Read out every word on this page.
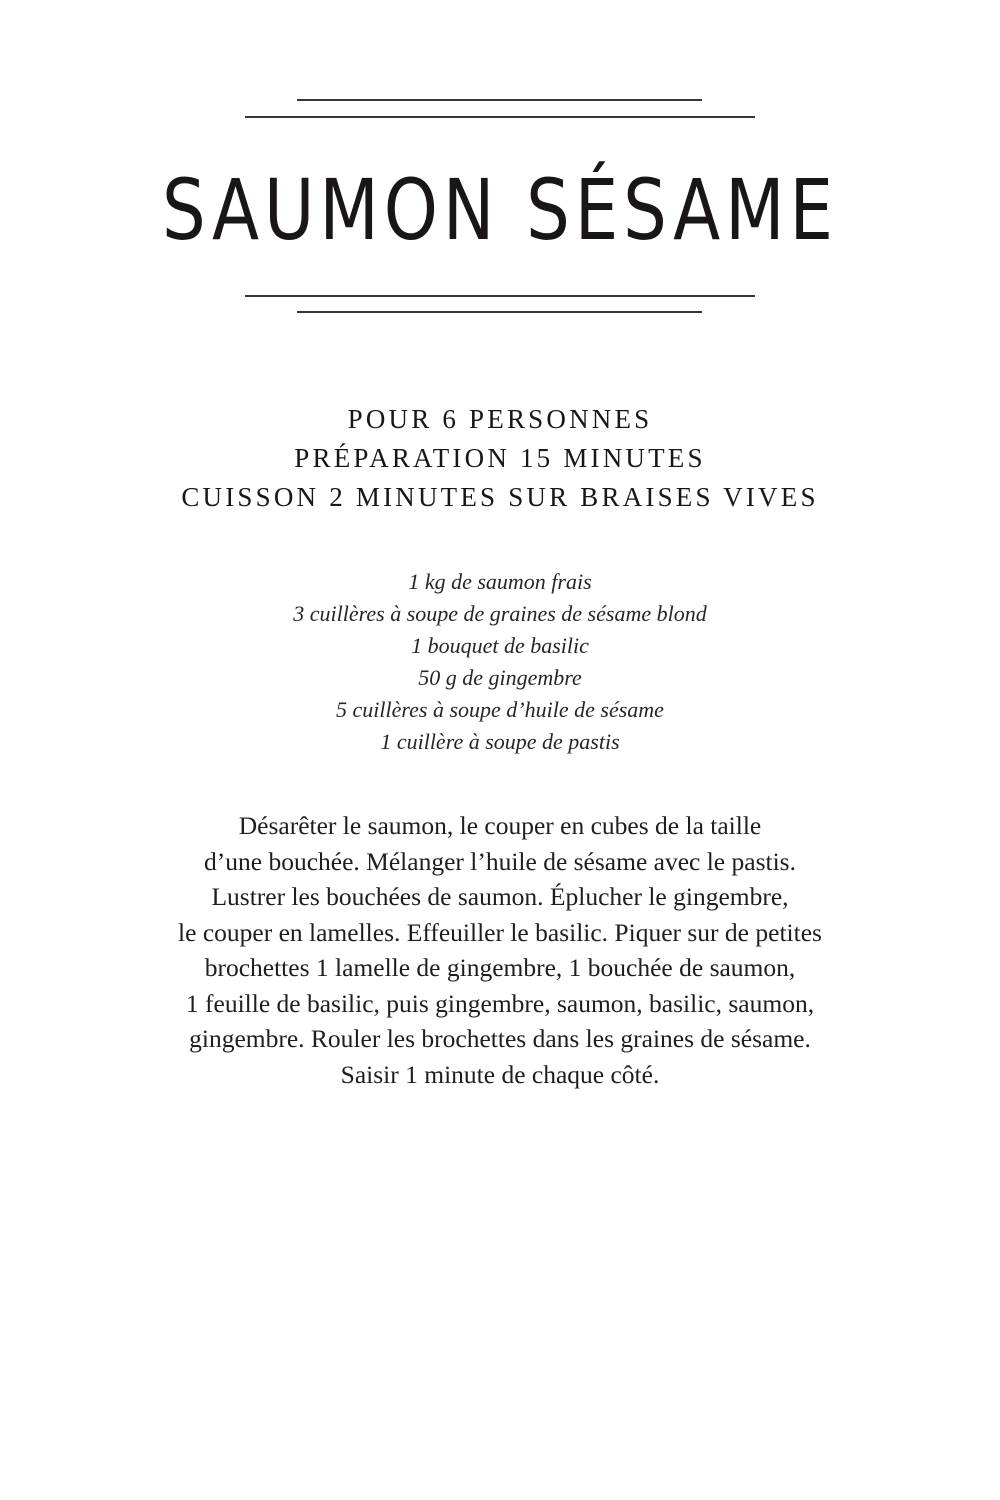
SAUMON SÉSAME
POUR 6 PERSONNES
PRÉPARATION 15 MINUTES
CUISSON 2 MINUTES SUR BRAISES VIVES
1 kg de saumon frais
3 cuillères à soupe de graines de sésame blond
1 bouquet de basilic
50 g de gingembre
5 cuillères à soupe d’huile de sésame
1 cuillère à soupe de pastis
Désarêter le saumon, le couper en cubes de la taille
d’une bouchée. Mélanger l’huile de sésame avec le pastis.
Lustrer les bouchées de saumon. Éplucher le gingembre,
le couper en lamelles. Effeuiller le basilic. Piquer sur de petites
brochettes 1 lamelle de gingembre, 1 bouchée de saumon,
1 feuille de basilic, puis gingembre, saumon, basilic, saumon,
gingembre. Rouler les brochettes dans les graines de sésame.
Saisir 1 minute de chaque côté.
